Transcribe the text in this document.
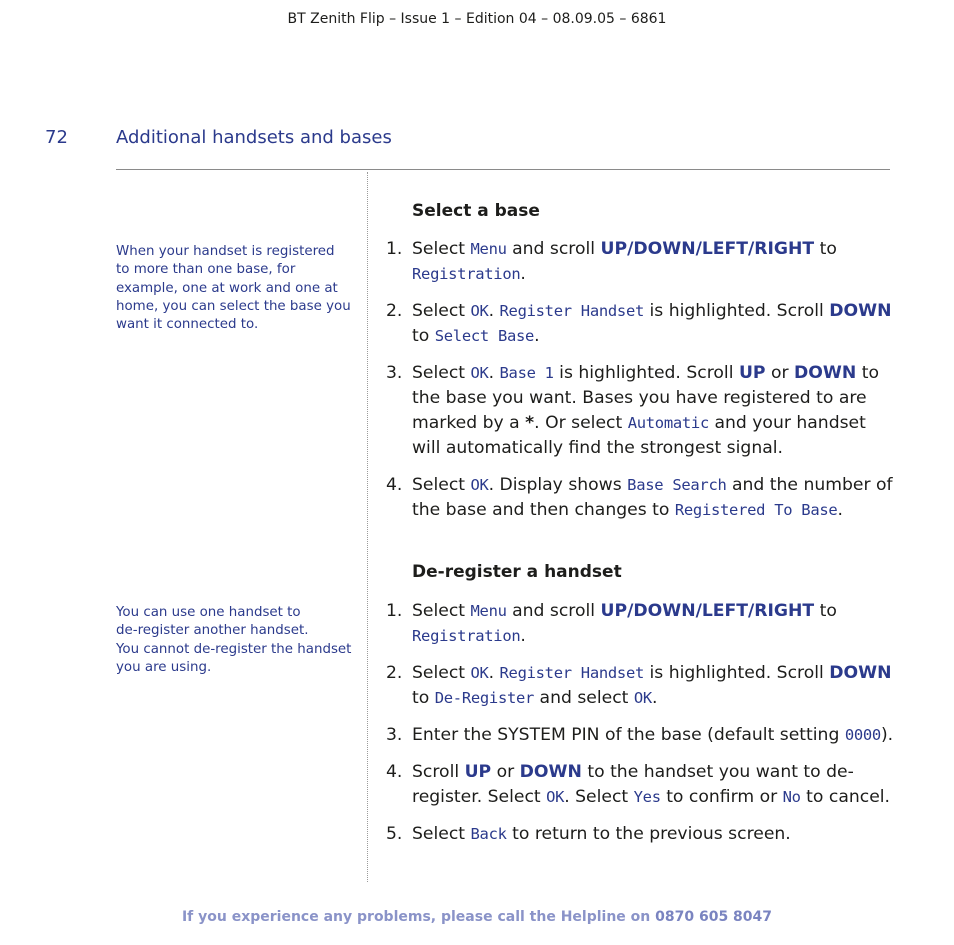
BT Zenith Flip – Issue 1 – Edition 04 – 08.09.05 – 6861
72	Additional handsets and bases

When your handset is registered to more than one base, for example, one at work and one at home, you can select the base you want it connected to.

You can use one handset to

de-register another handset.

You cannot de-register the handset you are using.

Select a base
1. Select Menu and scroll UP/DOWN/LEFT/RIGHT to Registration.
2. Select OK. Register Handset is highlighted. Scroll DOWN to Select Base.
3. Select OK. Base 1 is highlighted. Scroll UP or DOWN to the base you want. Bases you have registered to are marked by a *. Or select Automatic and your handset will automatically find the strongest signal.
4. Select OK. Display shows Base Search and the number of the base and then changes to Registered To Base.
De-register a handset
1. Select Menu and scroll UP/DOWN/LEFT/RIGHT to Registration.
2. Select OK. Register Handset is highlighted. Scroll DOWN to De-Register and select OK.
3. Enter the SYSTEM PIN of the base (default setting 0000).
4. Scroll UP or DOWN to the handset you want to de-register. Select OK. Select Yes to confirm or No to cancel.
5. Select Back to return to the previous screen.
If you experience any problems, please call the Helpline on 0870 605 8047
